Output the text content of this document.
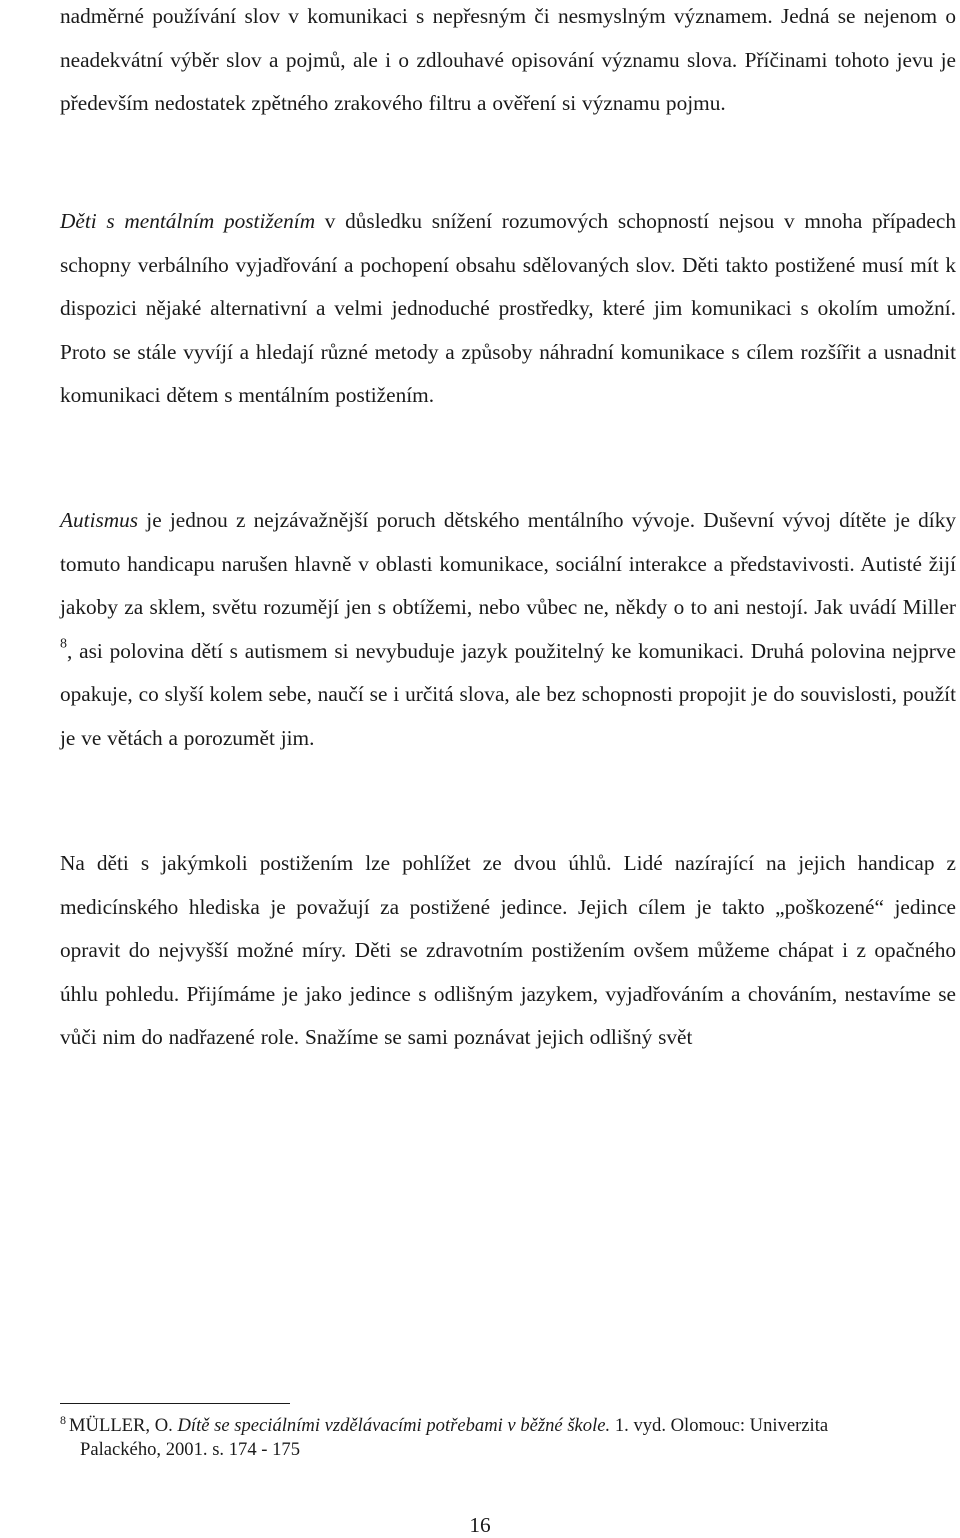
nadměrné používání slov v komunikaci s nepřesným či nesmyslným významem. Jedná se nejenom o neadekvátní výběr slov a pojmů, ale i o zdlouhavé opisování významu slova. Příčinami tohoto jevu je především nedostatek zpětného zrakového filtru a ověření si významu pojmu.

Děti s mentálním postižením v důsledku snížení rozumových schopností nejsou v mnoha případech schopny verbálního vyjadřování a pochopení obsahu sdělovaných slov. Děti takto postižené musí mít k dispozici nějaké alternativní a velmi jednoduché prostředky, které jim komunikaci s okolím umožní. Proto se stále vyvíjí a hledají různé metody a způsoby náhradní komunikace s cílem rozšířit a usnadnit komunikaci dětem s mentálním postižením.

Autismus je jednou z nejzávažnější poruch dětského mentálního vývoje. Duševní vývoj dítěte je díky tomuto handicapu narušen hlavně v oblasti komunikace, sociální interakce a představivosti. Autisté žijí jakoby za sklem, světu rozumějí jen s obtížemi, nebo vůbec ne, někdy o to ani nestojí. Jak uvádí Miller $^8$, asi polovina dětí s autismem si nevybuduje jazyk použitelný ke komunikaci. Druhá polovina nejprve opakuje, co slyší kolem sebe, naučí se i určitá slova, ale bez schopnosti propojit je do souvislosti, použít je ve větách a porozumět jim.

Na děti s jakýmkoli postižením lze pohlížet ze dvou úhlů. Lidé nazírající na jejich handicap z medicínského hlediska je považují za postižené jedince. Jejich cílem je takto „poškozené“ jedince opravit do nejvyšší možné míry. Děti se zdravotním postižením ovšem můžeme chápat i z opačného úhlu pohledu. Přijímáme je jako jedince s odlišným jazykem, vyjadřováním a chováním, nestavíme se vůči nim do nadřazené role. Snažíme se sami poznávat jejich odlišný svět

$^8$ MÜLLER, O. Dítě se speciálními vzdělávacími potřebami v běžné škole. 1. vyd. Olomouc: Univerzita
Palackého, 2001. s. 174 - 175

16
